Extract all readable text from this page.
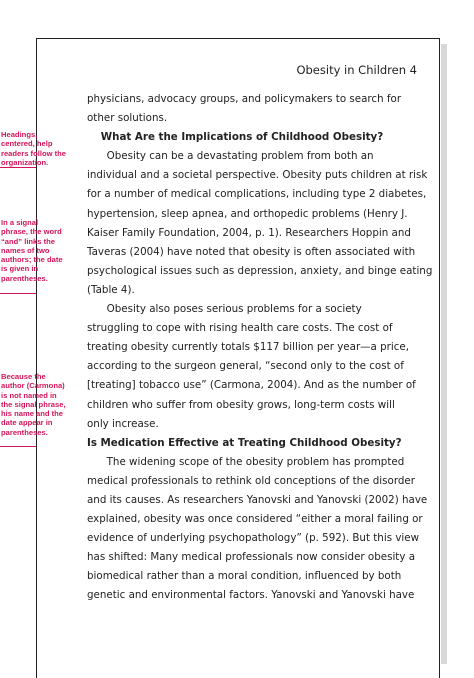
Obesity in Children 4
physicians, advocacy groups, and policymakers to search for
other solutions.
What Are the Implications of Childhood Obesity?
Obesity can be a devastating problem from both an
individual and a societal perspective. Obesity puts children at risk
for a number of medical complications, including type 2 diabetes,
hypertension, sleep apnea, and orthopedic problems (Henry J.
Kaiser Family Foundation, 2004, p. 1). Researchers Hoppin and
Taveras (2004) have noted that obesity is often associated with
psychological issues such as depression, anxiety, and binge eating
(Table 4).
Obesity also poses serious problems for a society
struggling to cope with rising health care costs. The cost of
treating obesity currently totals $117 billion per year—a price,
according to the surgeon general, “second only to the cost of
[treating] tobacco use” (Carmona, 2004). And as the number of
children who suffer from obesity grows, long-term costs will
only increase.
Is Medication Effective at Treating Childhood Obesity?
The widening scope of the obesity problem has prompted
medical professionals to rethink old conceptions of the disorder
and its causes. As researchers Yanovski and Yanovski (2002) have
explained, obesity was once considered “either a moral failing or
evidence of underlying psychopathology” (p. 592). But this view
has shifted: Many medical professionals now consider obesity a
biomedical rather than a moral condition, influenced by both
genetic and environmental factors. Yanovski and Yanovski have
Headings, centered, help readers follow the organization.
In a signal phrase, the word “and” links the names of two authors; the date is given in parentheses.
Because the author (Carmona) is not named in the signal phrase, his name and the date appear in parentheses.
